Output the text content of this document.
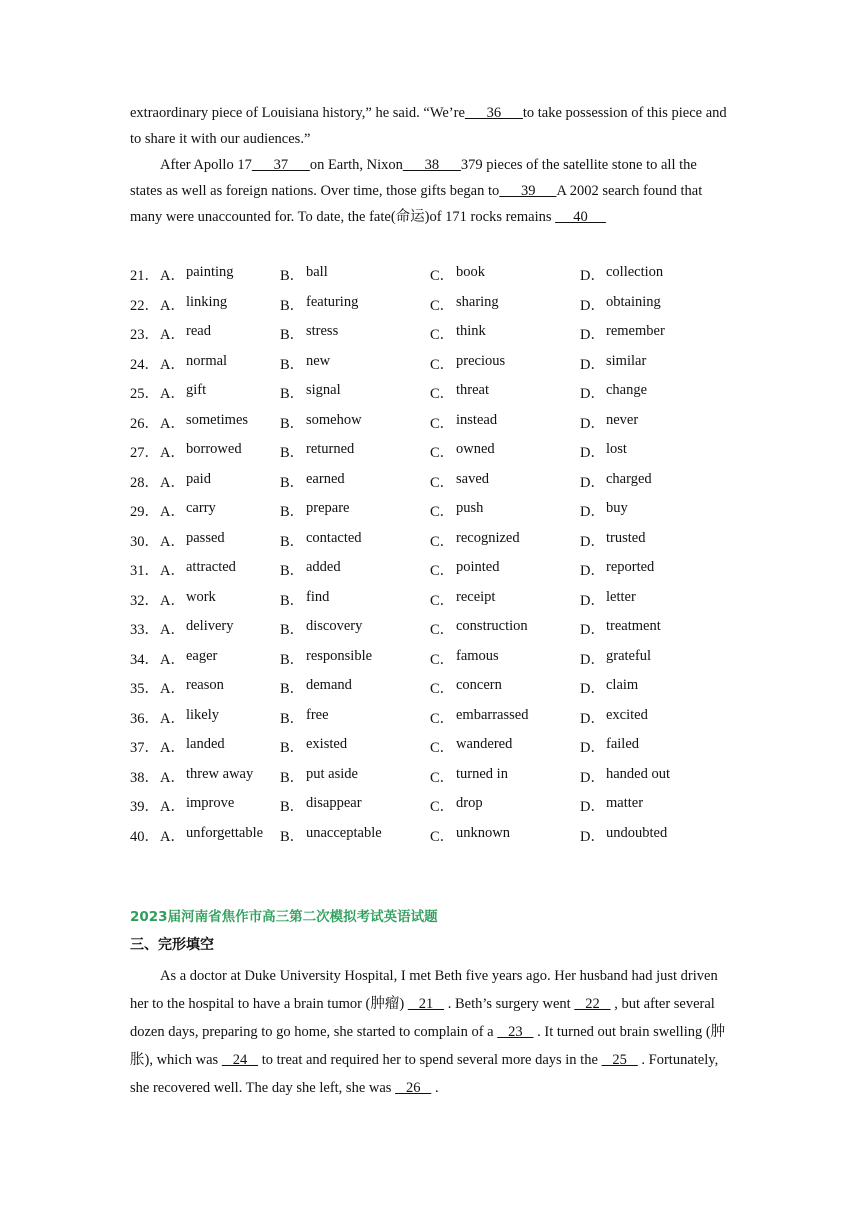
extraordinary piece of Louisiana history,” he said. “We’re      36      to take possession of this piece and to share it with our audiences.”
After Apollo 17      37      on Earth, Nixon      38      379 pieces of the satellite stone to all the states as well as foreign nations. Over time, those gifts began to      39      A 2002 search found that many were unaccounted for. To date, the fate(命运)of 171 rocks remains      40
21． A． painting	B． ball	C． book	D． collection
22． A． linking	B． featuring	C． sharing	D． obtaining
23． A． read	B． stress	C． think	D． remember
24． A． normal	B． new	C． precious	D． similar
25． A． gift	B． signal	C． threat	D． change
26． A． sometimes B． somehow	C． instead	D． never
27． A． borrowed	B． returned	C． owned	D． lost
28． A． paid	B． earned	C． saved	D． charged
29． A． carry	B． prepare	C． push	D． buy
30． A． passed	B． contacted	C． recognized	D． trusted
31． A． attracted	B． added	C． pointed	D． reported
32． A． work	B． find	C． receipt	D． letter
33． A． delivery	B． discovery	C． construction	D． treatment
34． A． eager	B． responsible	C． famous	D． grateful
35． A． reason	B． demand	C． concern	D． claim
36． A． likely	B． free	C． embarrassed	D． excited
37． A． landed	B． existed	C． wandered	D． failed
38． A． threw away B． put aside	C． turned in	D． handed out
39． A． improve	B． disappear	C． drop	D． matter
40． A． unforgettable B． unacceptable	C． unknown	D． undoubted
2023届河南省焦作市高三第二次模拟考试英语试题
三、完形填空
As a doctor at Duke University Hospital, I met Beth five years ago. Her husband had just driven her to the hospital to have a brain tumor (肿瘤)    21    . Beth’s surgery went    22    , but after several dozen days, preparing to go home, she started to complain of a    23    . It turned out brain swelling (肿胀), which was    24    to treat and required her to spend several more days in the    25    . Fortunately, she recovered well. The day she left, she was    26    .
